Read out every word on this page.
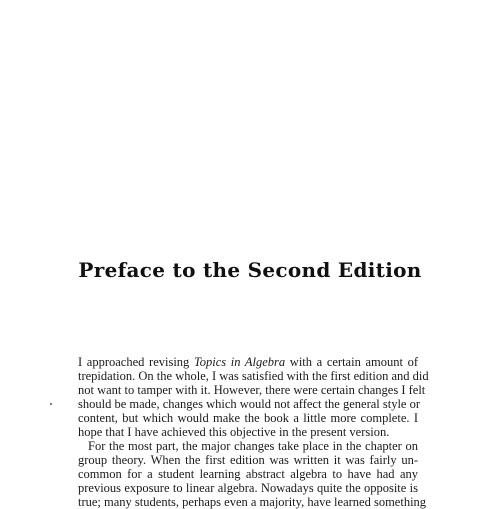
Preface to the Second Edition
I approached revising Topics in Algebra with a certain amount of
trepidation. On the whole, I was satisfied with the first edition and did
not want to tamper with it. However, there were certain changes I felt
should be made, changes which would not affect the general style or
content, but which would make the book a little more complete. I
hope that I have achieved this objective in the present version.
For the most part, the major changes take place in the chapter on
group theory. When the first edition was written it was fairly un-
common for a student learning abstract algebra to have had any
previous exposure to linear algebra. Nowadays quite the opposite is
true; many students, perhaps even a majority, have learned something
